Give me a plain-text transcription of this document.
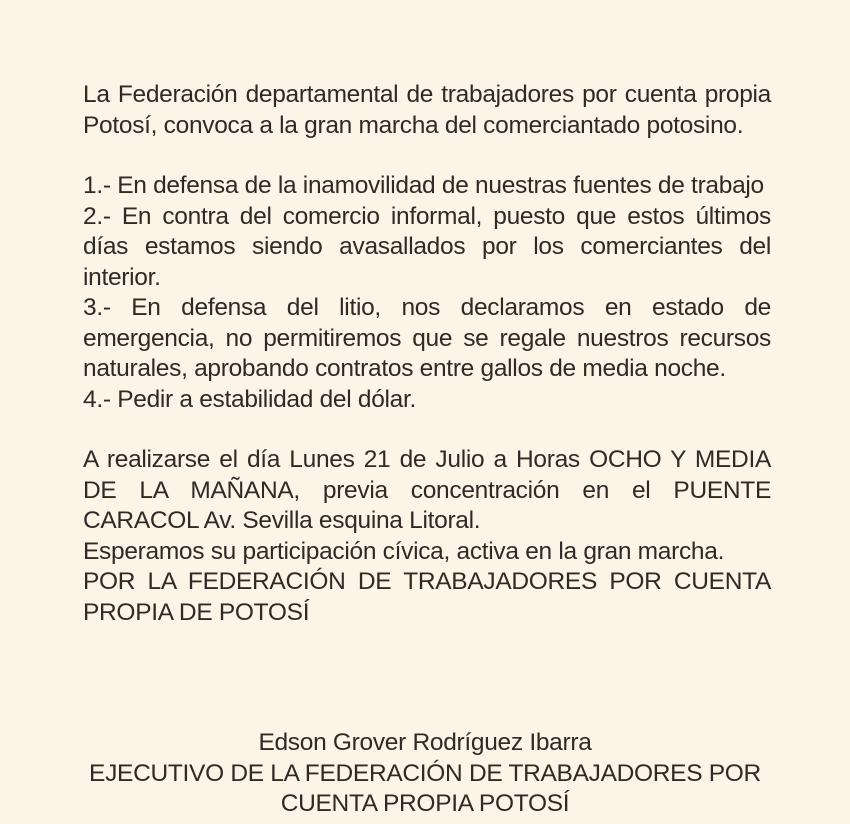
La Federación departamental de trabajadores por cuenta propia Potosí, convoca a la gran marcha del comerciantado potosino.

1.- En defensa de la inamovilidad de nuestras fuentes de trabajo

2.- En contra del comercio informal, puesto que estos últimos días estamos siendo avasallados por los comerciantes del interior.

3.- En defensa del litio, nos declaramos en estado de emergencia, no permitiremos que se regale nuestros recursos naturales, aprobando contratos entre gallos de media noche.

4.- Pedir a estabilidad del dólar.

A realizarse el día Lunes 21 de Julio a Horas OCHO Y MEDIA DE LA MAÑANA, previa concentración en el PUENTE CARACOL Av. Sevilla esquina Litoral.

Esperamos su participación cívica, activa en la gran marcha.

POR LA FEDERACIÓN DE TRABAJADORES POR CUENTA PROPIA DE POTOSÍ

Edson Grover Rodríguez Ibarra

EJECUTIVO DE LA FEDERACIÓN DE TRABAJADORES POR CUENTA PROPIA POTOSÍ
